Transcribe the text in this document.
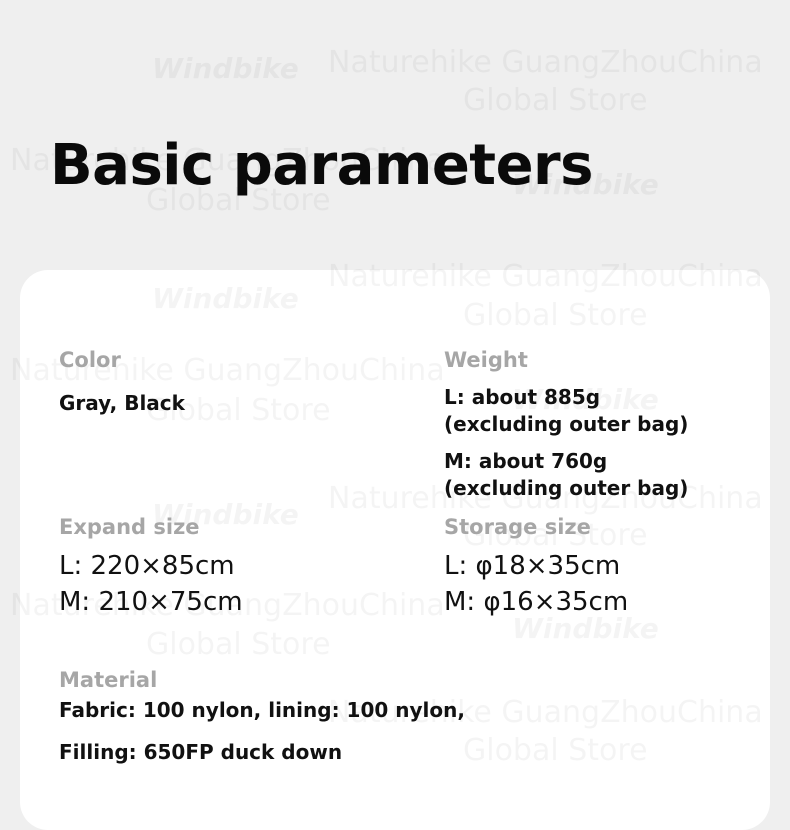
Basic parameters
Color
Gray, Black
Weight
L: about 885g
(excluding outer bag)
M: about 760g
(excluding outer bag)
Expand size
L: 220×85cm
M: 210×75cm
Storage size
L: φ18×35cm
M: φ16×35cm
Material
Fabric: 100 nylon, lining: 100 nylon,
Filling: 650FP duck down
